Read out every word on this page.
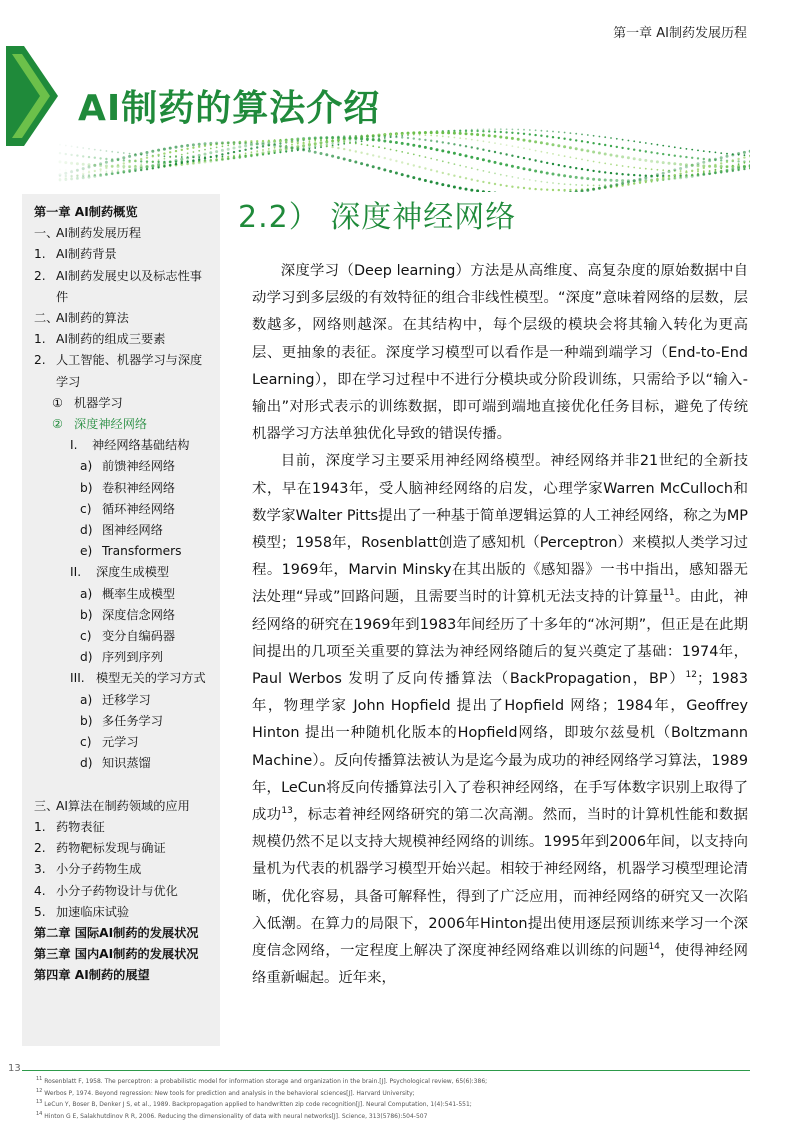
第一章 AI制药发展历程
AI制药的算法介绍
第一章 AI制药概览
一、
AI制药发展历程
1. AI制药背景
2. AI制药发展史以及标志性事件
二、
AI制药的算法
1. AI制药的组成三要素
2. 人工智能、机器学习与深度学习
① 机器学习
② 深度神经网络
I. 神经网络基础结构
a) 前馈神经网络
b) 卷积神经网络
c) 循环神经网络
d) 图神经网络
e) Transformers
II. 深度生成模型
a) 概率生成模型
b) 深度信念网络
c) 变分自编码器
d) 序列到序列
III. 模型无关的学习方式
a) 迁移学习
b) 多任务学习
c) 元学习
d) 知识蒸馏

三、
AI算法在制药领域的应用
1. 药物表征
2. 药物靶标发现与确证
3. 小分子药物生成
4. 小分子药物设计与优化
5. 加速临床试验
第二章 国际AI制药的发展状况
第三章 国内AI制药的发展状况
第四章 AI制药的展望
2.2） 深度神经网络

深度学习（Deep learning）方法是从高维度、高复杂度的原始数据中自动学习到多层级的有效特征的组合非线性模型。“深度”意味着网络的层数，层数越多，网络则越深。在其结构中，每个层级的模块会将其输入转化为更高层、更抽象的表征。深度学习模型可以看作是一种端到端学习（End-to-End Learning），即在学习过程中不进行分模块或分阶段训练，只需给予以“输入-输出”对形式表示的训练数据，即可端到端地直接优化任务目标，避免了传统机器学习方法单独优化导致的错误传播。

目前，深度学习主要采用神经网络模型。神经网络并非21世纪的全新技术，早在1943年，受人脑神经网络的启发，心理学家Warren McCulloch和数学家Walter Pitts提出了一种基于简单逻辑运算的人工神经网络，称之为MP模型；1958年，Rosenblatt创造了感知机（Perceptron）来模拟人类学习过程。1969年，Marvin Minsky在其出版的《感知器》一书中指出，感知器无法处理“异或”回路问题，且需要当时的计算机无法支持的计算量$^{11}$。由此，神经网络的研究在1969年到1983年间经历了十多年的“冰河期”，但正是在此期间提出的几项至关重要的算法为神经网络随后的复兴奠定了基础：1974年，Paul Werbos 发明了反向传播算法（BackPropagation，BP）$^{12}$；1983年，物理学家 John Hopfield 提出了Hopfield 网络；1984年，Geoffrey Hinton 提出一种随机化版本的Hopfield网络，即玻尔兹曼机（Boltzmann Machine）。反向传播算法被认为是迄今最为成功的神经网络学习算法，1989年，LeCun将反向传播算法引入了卷积神经网络，在手写体数字识别上取得了成功$^{13}$，标志着神经网络研究的第二次高潮。然而，当时的计算机性能和数据规模仍然不足以支持大规模神经网络的训练。1995年到2006年间，以支持向量机为代表的机器学习模型开始兴起。相较于神经网络，机器学习模型理论清晰，优化容易，具备可解释性，得到了广泛应用，而神经网络的研究又一次陷入低潮。在算力的局限下，2006年Hinton提出使用逐层预训练来学习一个深度信念网络，一定程度上解决了深度神经网络难以训练的问题$^{14}$，使得神经网络重新崛起。近年来，

13
$^{11}$ Rosenblatt F, 1958. The perceptron: a probabilistic model for information storage and organization in the brain.[J]. Psychological review, 65(6):386;
$^{12}$ Werbos P, 1974. Beyond regression: New tools for prediction and analysis in the behavioral sciences[J]. Harvard University;
$^{13}$ LeCun Y, Boser B, Denker J S, et al., 1989. Backpropagation applied to handwritten zip code recognition[J]. Neural Computation, 1(4):541-551;
$^{14}$ Hinton G E, Salakhutdinov R R, 2006. Reducing the dimensionality of data with neural networks[J]. Science, 313(5786):504-507
